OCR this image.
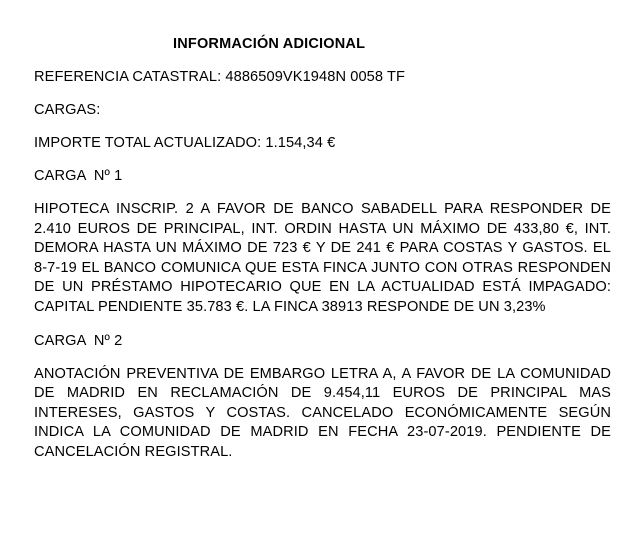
INFORMACIÓN ADICIONAL
REFERENCIA CATASTRAL: 4886509VK1948N 0058 TF
CARGAS:
IMPORTE TOTAL ACTUALIZADO: 1.154,34 €
CARGA  Nº 1
HIPOTECA INSCRIP. 2 A FAVOR DE BANCO SABADELL PARA RESPONDER DE 2.410 EUROS DE PRINCIPAL, INT. ORDIN HASTA UN MÁXIMO DE 433,80 €, INT. DEMORA HASTA UN MÁXIMO DE 723 € Y DE 241 € PARA COSTAS Y GASTOS. EL 8-7-19 EL BANCO COMUNICA QUE ESTA FINCA JUNTO CON OTRAS RESPONDEN DE UN PRÉSTAMO HIPOTECARIO QUE EN LA ACTUALIDAD ESTÁ IMPAGADO: CAPITAL PENDIENTE 35.783 €. LA FINCA 38913 RESPONDE DE UN 3,23%
CARGA  Nº 2
ANOTACIÓN PREVENTIVA DE EMBARGO LETRA A, A FAVOR DE LA COMUNIDAD DE MADRID EN RECLAMACIÓN DE 9.454,11 EUROS DE PRINCIPAL MAS INTERESES, GASTOS Y COSTAS. CANCELADO ECONÓMICAMENTE SEGÚN INDICA LA COMUNIDAD DE MADRID EN FECHA 23-07-2019. PENDIENTE DE CANCELACIÓN REGISTRAL.
